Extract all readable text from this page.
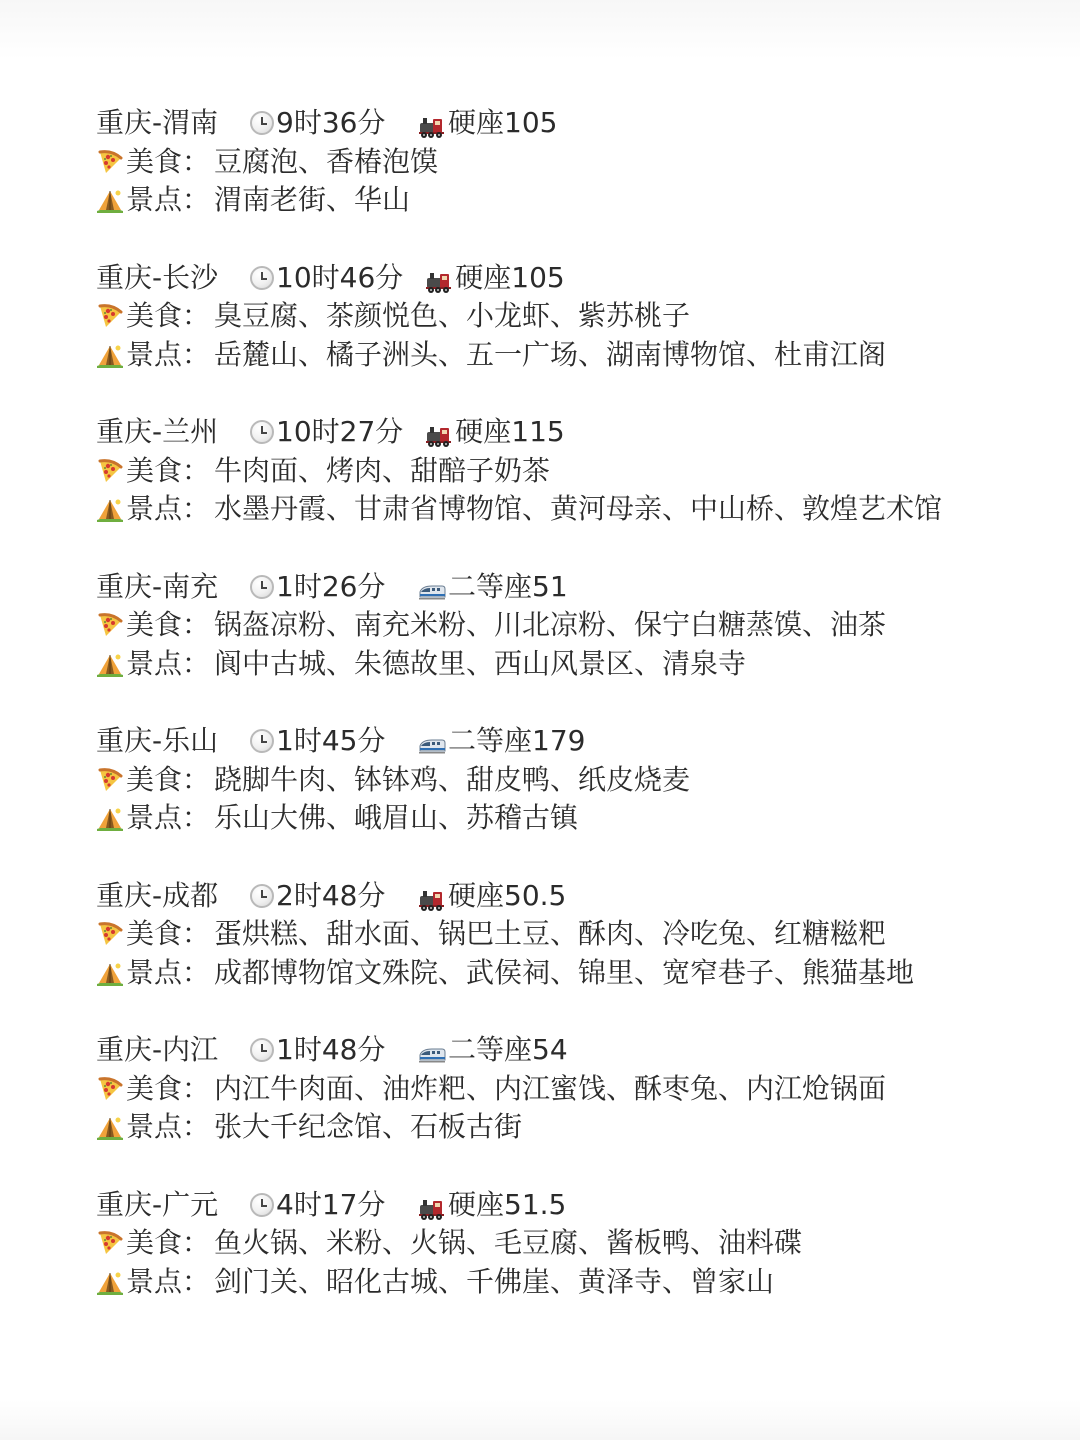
重庆-渭南	9时36分	硬座105
美食： 豆腐泡、香椿泡馍
景点： 渭南老街、华山
重庆-长沙	10时46分 硬座105
美食： 臭豆腐、茶颜悦色、小龙虾、紫苏桃子
景点： 岳麓山、橘子洲头、五一广场、湖南博物馆、杜甫江阁
重庆-兰州	10时27分 硬座115
美食： 牛肉面、烤肉、甜醅子奶茶
景点： 水墨丹霞、甘肃省博物馆、黄河母亲、中山桥、敦煌艺术馆
重庆-南充	1时26分	二等座51
美食： 锅盔凉粉、南充米粉、川北凉粉、保宁白糖蒸馍、油茶
景点： 阆中古城、朱德故里、西山风景区、清泉寺
重庆-乐山	1时45分	二等座179
美食： 跷脚牛肉、钵钵鸡、甜皮鸭、纸皮烧麦
景点： 乐山大佛、峨眉山、苏稽古镇
重庆-成都	2时48分	硬座50.5
美食： 蛋烘糕、甜水面、锅巴土豆、酥肉、冷吃兔、红糖糍粑
景点： 成都博物馆文殊院、武侯祠、锦里、宽窄巷子、熊猫基地
重庆-内江	1时48分	二等座54
美食： 内江牛肉面、油炸粑、内江蜜饯、酥枣兔、内江炝锅面
景点： 张大千纪念馆、石板古街
重庆-广元	4时17分	硬座51.5
美食： 鱼火锅、米粉、火锅、毛豆腐、酱板鸭、油料碟
景点： 剑门关、昭化古城、千佛崖、黄泽寺、曾家山
